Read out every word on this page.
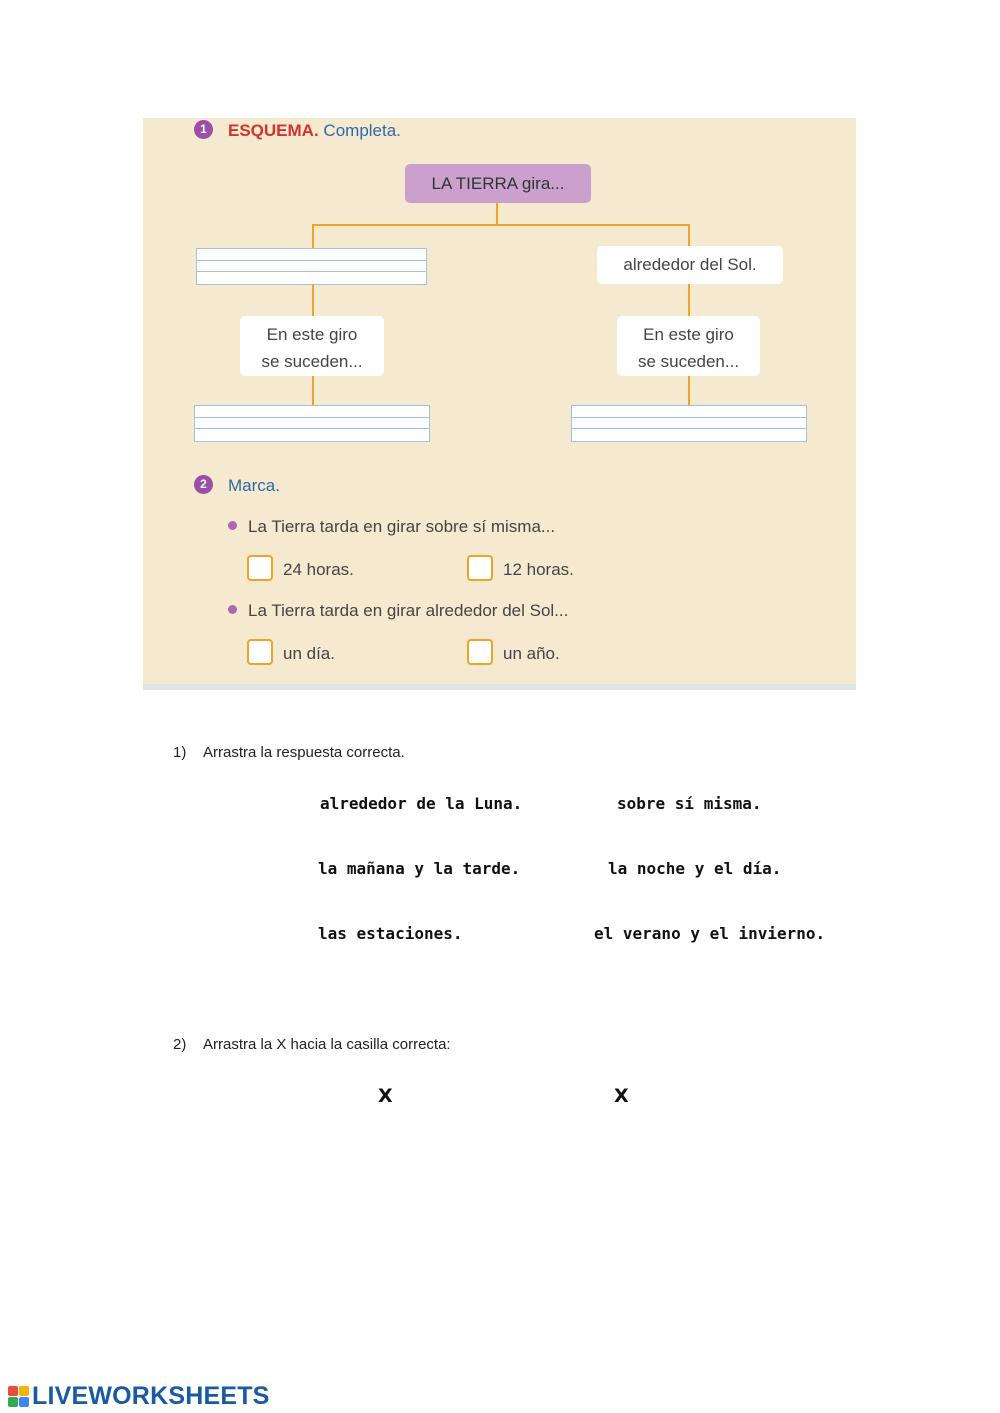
1	ESQUEMA. Completa.
LA TIERRA gira...
alrededor del Sol.
En este giro
se suceden...
En este giro
se suceden...
2	Marca.
La Tierra tarda en girar sobre sí misma...
24 horas.	12 horas.
La Tierra tarda en girar alrededor del Sol...
un día.	un año.
1)    Arrastra la respuesta correcta.
alrededor de la Luna.	sobre sí misma.
la mañana y la tarde.	la noche y el día.
las estaciones.	el verano y el invierno.
2)    Arrastra la X hacia la casilla correcta:
X	X
LIVEWORKSHEETS
